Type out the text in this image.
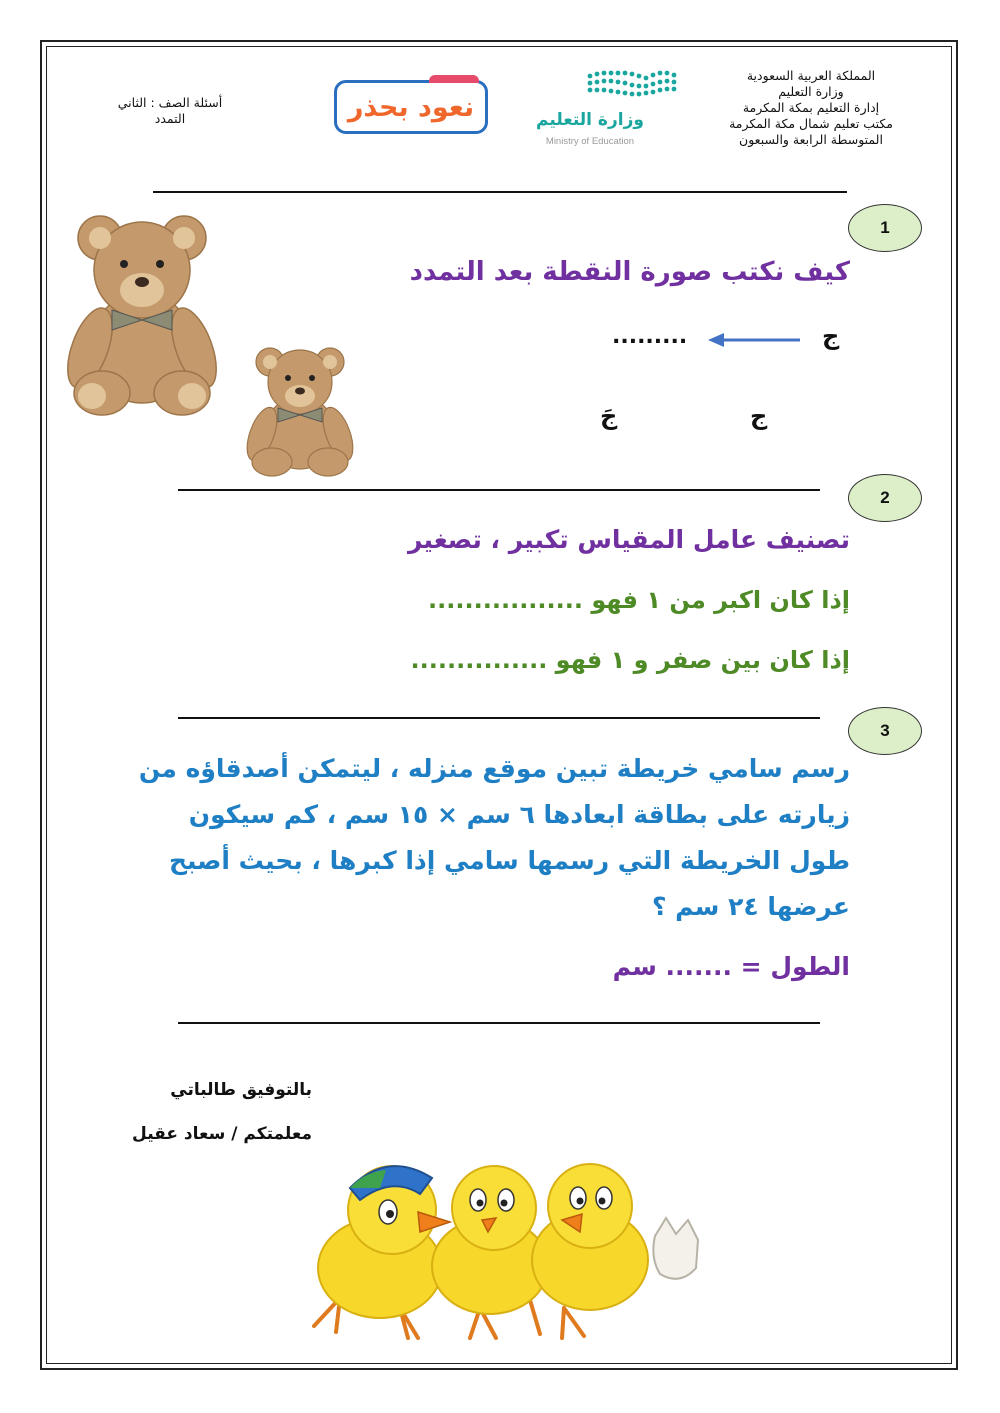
المملكة العربية السعودية
وزارة التعليم
إدارة التعليم بمكة المكرمة
مكتب تعليم شمال مكة المكرمة
المتوسطة الرابعة والسبعون
أسئلة الصف : الثاني
التمدد	وزارة التعليم
Ministry of Education
نعود بحذر
1
كيف نكتب صورة النقطة بعد التمدد
ج
.........
ج
جَ
2
تصنيف عامل المقياس تكبير ، تصغير
إذا كان اكبر من ١ فهو .................
إذا كان بين صفر و ١ فهو ...............
3
رسم سامي خريطة تبين موقع منزله ، ليتمكن أصدقاؤه من
زيارته على بطاقة ابعادها ٦ سم × ١٥ سم ، كم سيكون
طول الخريطة التي رسمها سامي إذا كبرها ، بحيث أصبح
عرضها ٢٤ سم ؟
الطول = ....... سم
بالتوفيق طالباتي
معلمتكم / سعاد عقيل
